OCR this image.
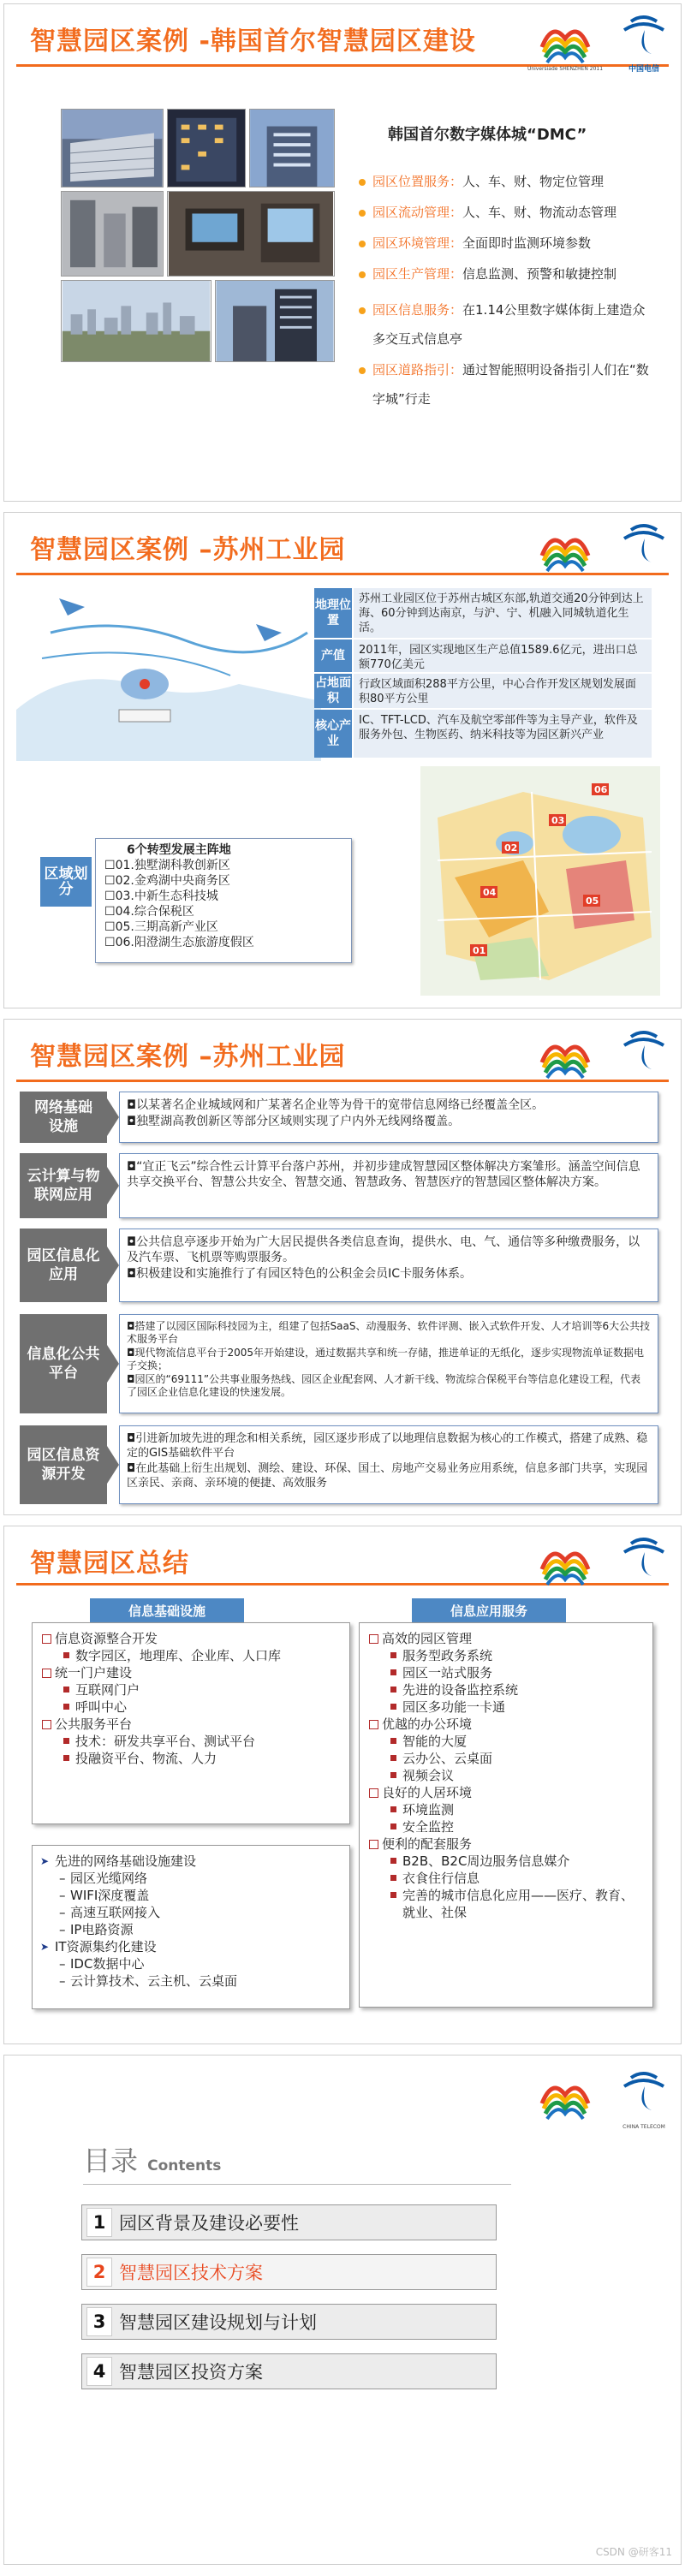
智慧园区案例 -韩国首尔智慧园区建设
Universiade SHENZHEN 2011	中国电信
韩国首尔数字媒体城“DMC”
园区位置服务：人、车、财、物定位管理
园区流动管理：人、车、财、物流动态管理
园区环境管理：全面即时监测环境参数
园区生产管理：信息监测、预警和敏捷控制
园区信息服务：在1.14公里数字媒体街上建造众多交互式信息亭
园区道路指引：通过智能照明设备指引人们在“数字城”行走
智慧园区案例 –苏州工业园
地理位置
苏州工业园区位于苏州古城区东部,轨道交通20分钟到达上海、60分钟到达南京，与沪、宁、机融入同城轨道化生活。
产值	2011年，园区实现地区生产总值1589.6亿元，进出口总额770亿美元
占地面积
行政区域面积288平方公里，中心合作开发区规划发展面积80平方公里
核心产业
IC、TFT-LCD、汽车及航空零部件等为主导产业，软件及服务外包、生物医药、纳米科技等为园区新兴产业
区域划分
6个转型发展主阵地
☐01.独墅湖科教创新区
☐02.金鸡湖中央商务区
☐03.中新生态科技城
☐04.综合保税区
☐05.三期高新产业区
☐06.阳澄湖生态旅游度假区
01
02
03
04
05
06
智慧园区案例 –苏州工业园
网络基础设施
◘以某著名企业城域网和广某著名企业等为骨干的宽带信息网络已经覆盖全区。
◘独墅湖高教创新区等部分区域则实现了户内外无线网络覆盖。
云计算与物联网应用
◘“宜正飞云”综合性云计算平台落户苏州，并初步建成智慧园区整体解决方案雏形。涵盖空间信息共享交换平台、智慧公共安全、智慧交通、智慧政务、智慧医疗的智慧园区整体解决方案。
园区信息化应用
◘公共信息亭逐步开始为广大居民提供各类信息查询，提供水、电、气、通信等多种缴费服务，以及汽车票、飞机票等购票服务。
◘积极建设和实施推行了有园区特色的公积金会员IC卡服务体系。
信息化公共平台
◘搭建了以园区国际科技园为主，组建了包括SaaS、动漫服务、软件评测、嵌入式软件开发、人才培训等6大公共技术服务平台
◘现代物流信息平台于2005年开始建设，通过数据共享和统一存储，推进单证的无纸化，逐步实现物流单证数据电子交换；
◘园区的“69111”公共事业服务热线、园区企业配套网、人才新干线、物流综合保税平台等信息化建设工程，代表了园区企业信息化建设的快速发展。
园区信息资源开发
◘引进新加坡先进的理念和相关系统，园区逐步形成了以地理信息数据为核心的工作模式，搭建了成熟、稳定的GIS基础软件平台
◘在此基础上衍生出规划、测绘、建设、环保、国土、房地产交易业务应用系统，信息多部门共享，实现园区亲民、亲商、亲环境的便捷、高效服务
智慧园区总结
信息基础设施	信息应用服务
信息资源整合开发
数字园区，地理库、企业库、人口库
统一门户建设
互联网门户
呼叫中心
公共服务平台
技术：研发共享平台、测试平台
投融资平台、物流、人力
➤ 先进的网络基础设施建设
– 园区光缆网络
– WIFI深度覆盖
– 高速互联网接入
– IP电路资源
➤ IT资源集约化建设
– IDC数据中心
– 云计算技术、云主机、云桌面
高效的园区管理
服务型政务系统
园区一站式服务
先进的设备监控系统
园区多功能一卡通
优越的办公环境
智能的大厦
云办公、云桌面
视频会议
良好的人居环境
环境监测
安全监控
便利的配套服务
B2B、B2C周边服务信息媒介
衣食住行信息
完善的城市信息化应用——医疗、教育、就业、社保
CHINA TELECOM
目录 Contents
1 园区背景及建设必要性
2 智慧园区技术方案
3 智慧园区建设规划与计划
4 智慧园区投资方案
CSDN @研客11
